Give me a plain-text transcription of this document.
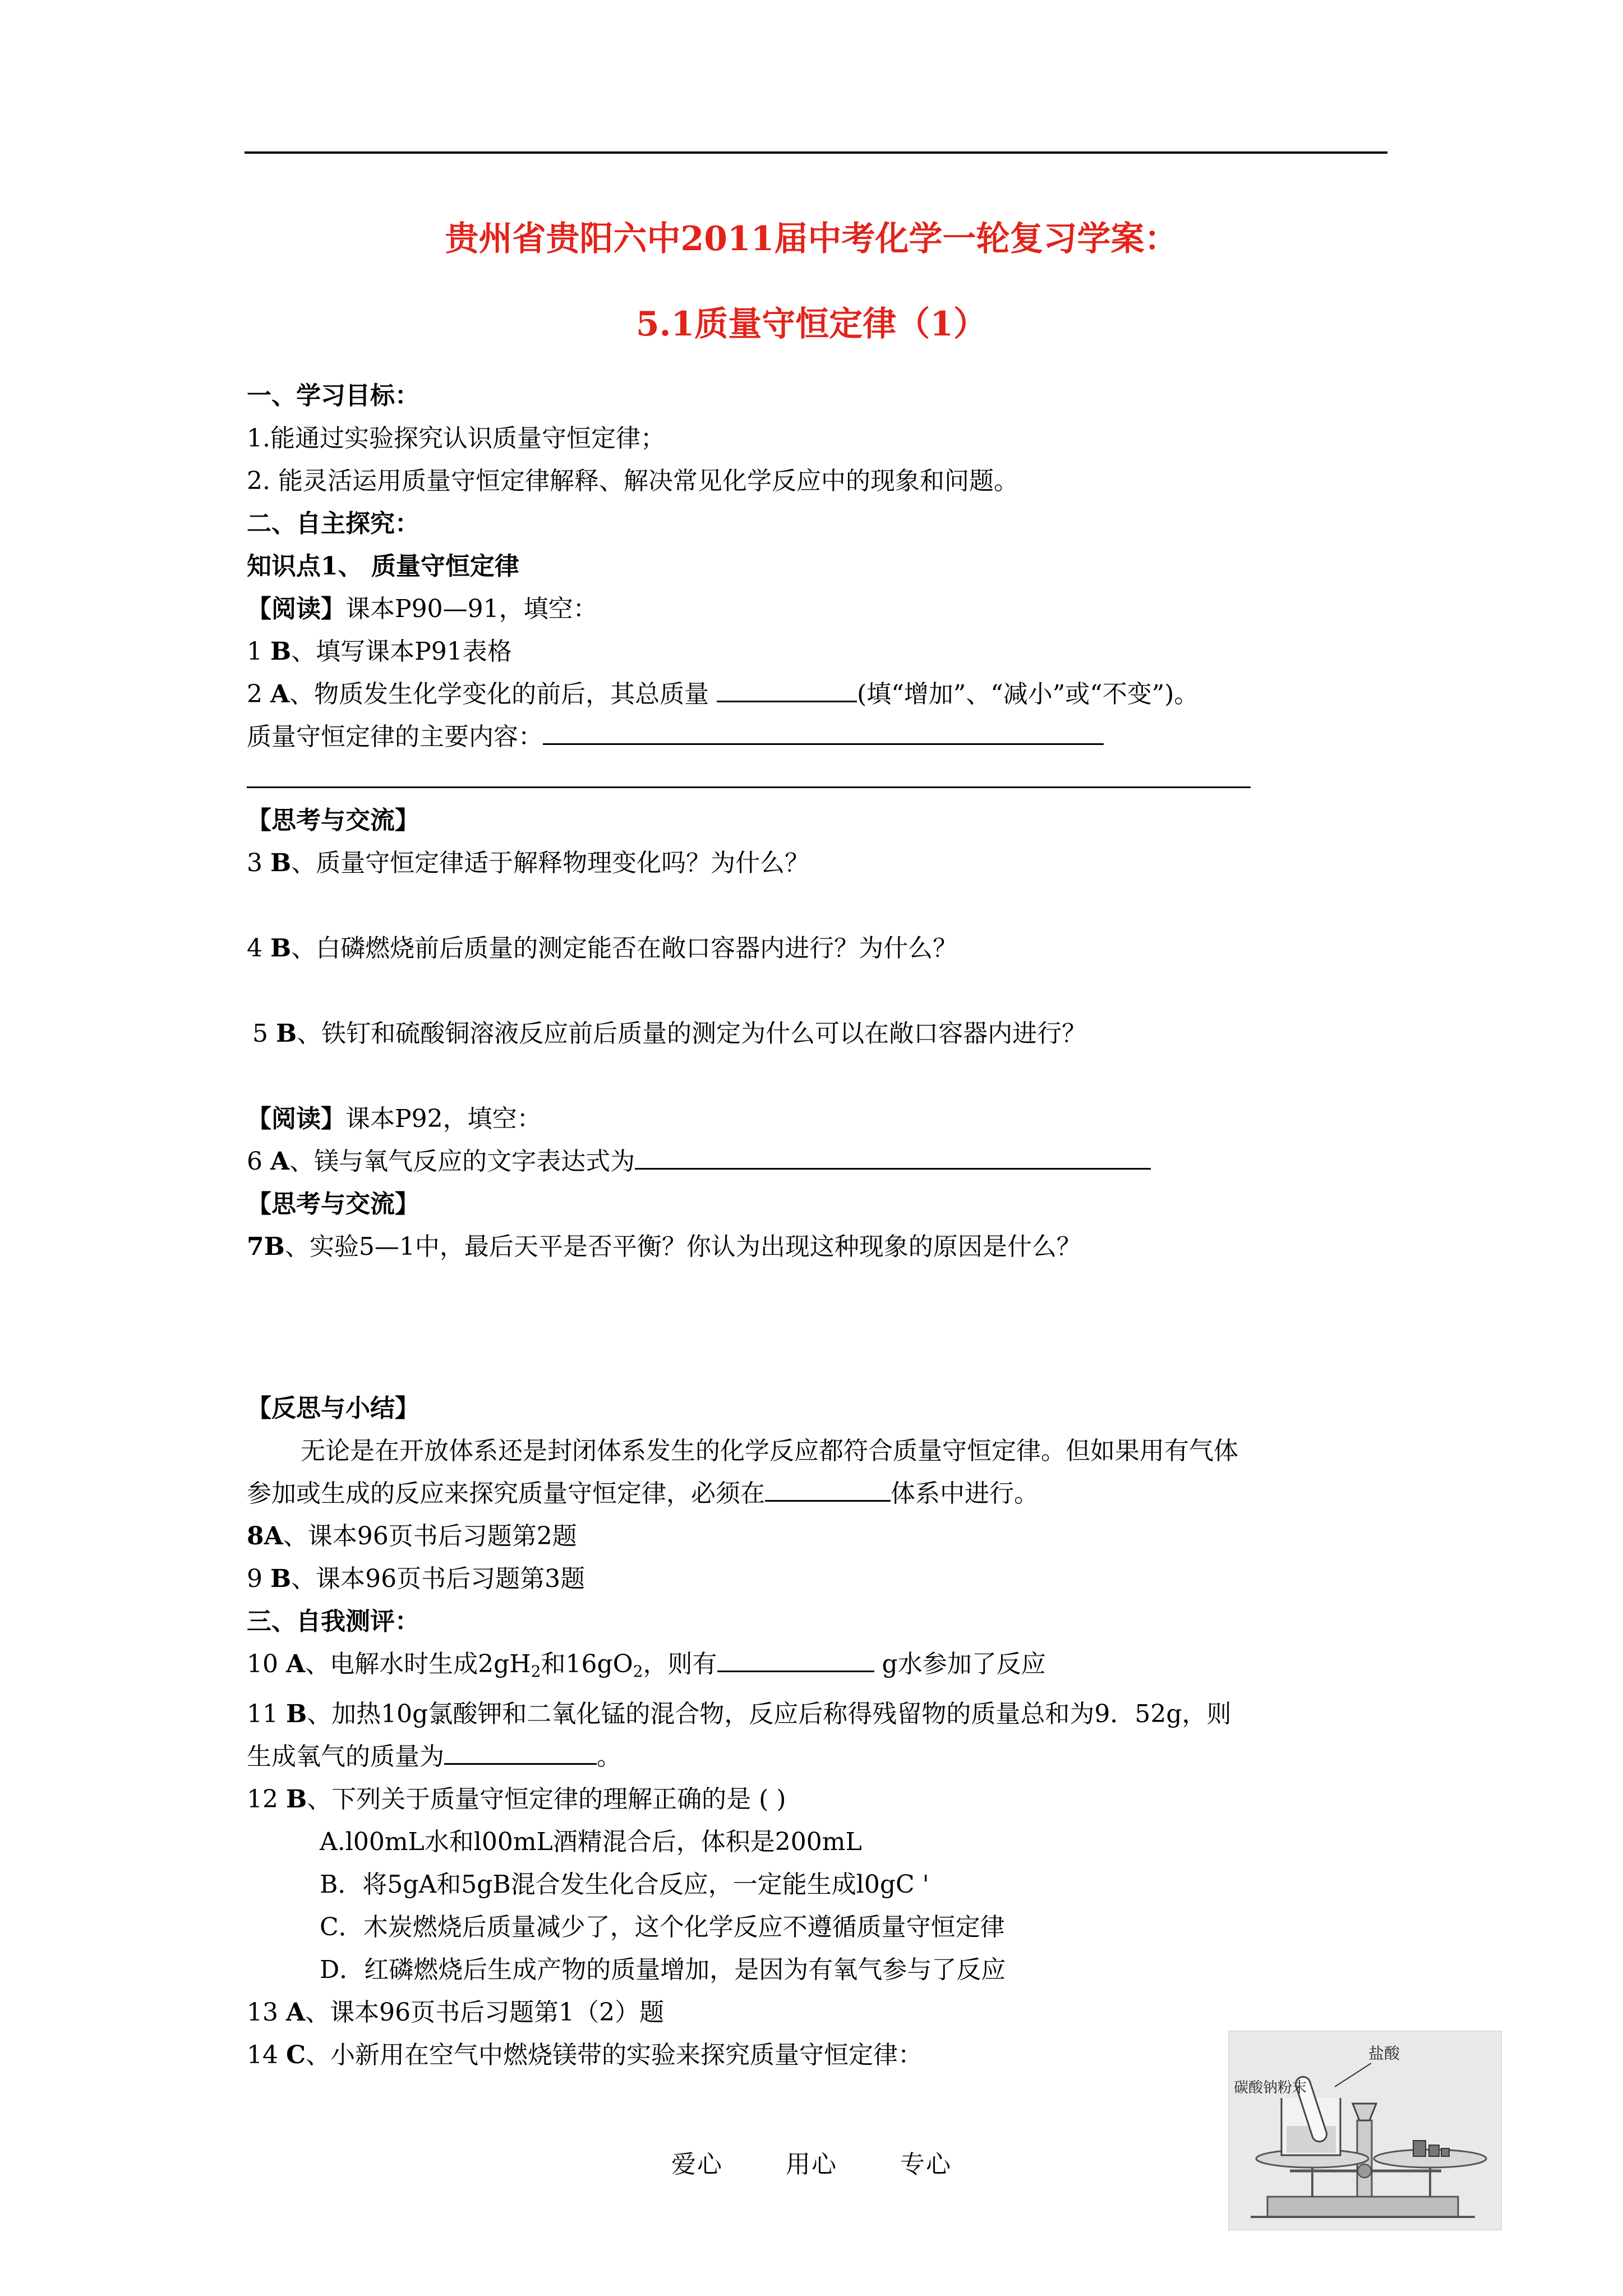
贵州省贵阳六中2011届中考化学一轮复习学案：
5.1质量守恒定律（1）

一、学习目标：

1.能通过实验探究认识质量守恒定律；

2. 能灵活运用质量守恒定律解释、解决常见化学反应中的现象和问题。

二、自主探究：

知识点1、 质量守恒定律

【阅读】课本P90—91，填空：

1 B、填写课本P91表格

2 A、物质发生化学变化的前后，其总质量	(填“增加”、“减小”或“不变”)。

质量守恒定律的主要内容：

【思考与交流】

3 B、质量守恒定律适于解释物理变化吗？为什么？

4 B、白磷燃烧前后质量的测定能否在敞口容器内进行？为什么？

5 B、铁钉和硫酸铜溶液反应前后质量的测定为什么可以在敞口容器内进行？

【阅读】课本P92，填空：

6 A、镁与氧气反应的文字表达式为

【思考与交流】

7B、实验5—1中，最后天平是否平衡？你认为出现这种现象的原因是什么？

【反思与小结】

无论是在开放体系还是封闭体系发生的化学反应都符合质量守恒定律。但如果用有气体

参加或生成的反应来探究质量守恒定律，必须在	体系中进行。

8A、课本96页书后习题第2题

9 B、课本96页书后习题第3题

三、自我测评：

10 A、电解水时生成$2gH_2$和$16gO_2$，则有	g水参加了反应

11 B、加热10g氯酸钾和二氧化锰的混合物，反应后称得残留物的质量总和为9．52g，则

生成氧气的质量为	。

12 B、下列关于质量守恒定律的理解正确的是 ( )

A.l00mL水和l00mL酒精混合后，体积是200mL

B．将5gA和5gB混合发生化合反应，一定能生成l0gC '

C．木炭燃烧后质量减少了，这个化学反应不遵循质量守恒定律

D．红磷燃烧后生成产物的质量增加，是因为有氧气参与了反应

13 A、课本96页书后习题第1（2）题

14 C、小新用在空气中燃烧镁带的实验来探究质量守恒定律：	盐酸
碳酸钠粉末
爱心	用心	专心
